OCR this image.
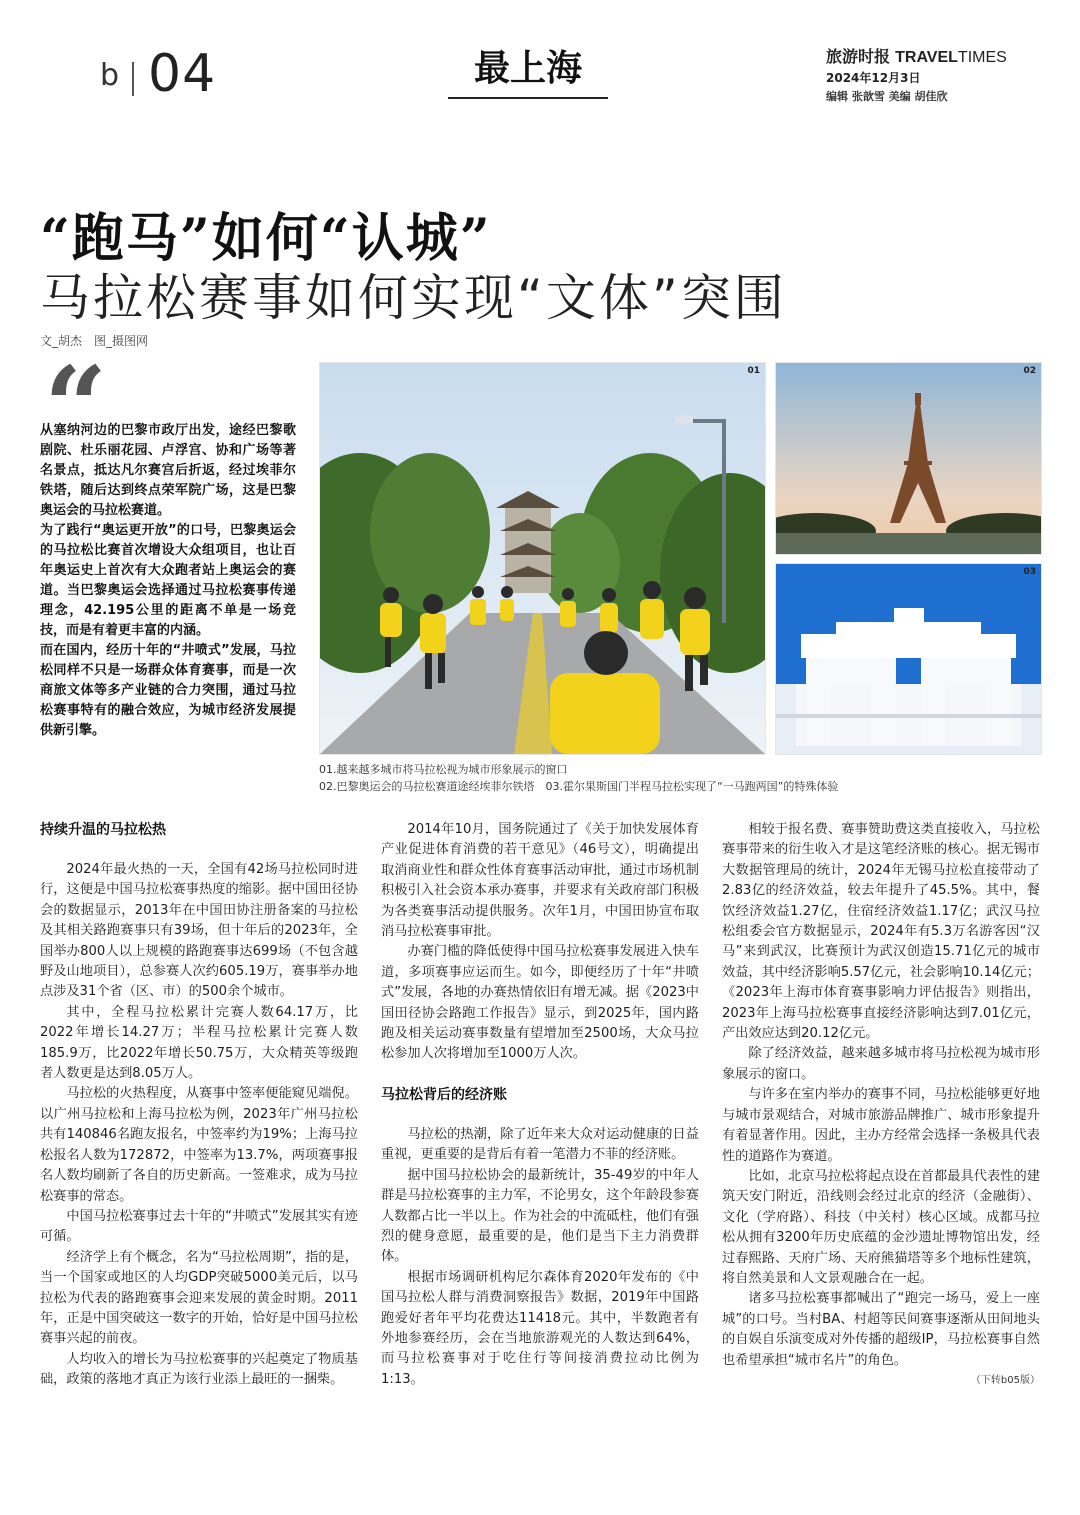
b 04	最上海	旅游时报 TRAVELTIMES
2024年12月3日
编辑 张歆雪 美编 胡佳欣
“跑马”如何“认城”
马拉松赛事如何实现“文体”突围
文_胡杰　图_摄图网
“

从塞纳河边的巴黎市政厅出发，途经巴黎歌剧院、杜乐丽花园、卢浮宫、协和广场等著名景点，抵达凡尔赛宫后折返，经过埃菲尔铁塔，随后达到终点荣军院广场，这是巴黎奥运会的马拉松赛道。

为了践行“奥运更开放”的口号，巴黎奥运会的马拉松比赛首次增设大众组项目，也让百年奥运史上首次有大众跑者站上奥运会的赛道。当巴黎奥运会选择通过马拉松赛事传递理念，42.195公里的距离不单是一场竞技，而是有着更丰富的内涵。

而在国内，经历十年的“井喷式”发展，马拉松同样不只是一场群众体育赛事，而是一次商旅文体等多产业链的合力突围，通过马拉松赛事特有的融合效应，为城市经济发展提供新引擎。

01	02
03
01.越来越多城市将马拉松视为城市形象展示的窗口
02.巴黎奥运会的马拉松赛道途经埃菲尔铁塔　03.霍尔果斯国门半程马拉松实现了“一马跑两国”的特殊体验
持续升温的马拉松热

2024年最火热的一天，全国有42场马拉松同时进行，这便是中国马拉松赛事热度的缩影。据中国田径协会的数据显示，2013年在中国田协注册备案的马拉松及其相关路跑赛事只有39场，但十年后的2023年，全国举办800人以上规模的路跑赛事达699场（不包含越野及山地项目），总参赛人次约605.19万，赛事举办地点涉及31个省（区、市）的500余个城市。

其中，全程马拉松累计完赛人数64.17万，比2022年增长14.27万；半程马拉松累计完赛人数185.9万，比2022年增长50.75万，大众精英等级跑者人数更是达到8.05万人。

马拉松的火热程度，从赛事中签率便能窥见端倪。以广州马拉松和上海马拉松为例，2023年广州马拉松共有140846名跑友报名，中签率约为19%；上海马拉松报名人数为172872，中签率为13.7%，两项赛事报名人数均刷新了各自的历史新高。一签难求，成为马拉松赛事的常态。

中国马拉松赛事过去十年的“井喷式”发展其实有迹可循。

经济学上有个概念，名为“马拉松周期”，指的是，当一个国家或地区的人均GDP突破5000美元后，以马拉松为代表的路跑赛事会迎来发展的黄金时期。2011年，正是中国突破这一数字的开始，恰好是中国马拉松赛事兴起的前夜。

人均收入的增长为马拉松赛事的兴起奠定了物质基础，政策的落地才真正为该行业添上最旺的一捆柴。

2014年10月，国务院通过了《关于加快发展体育产业促进体育消费的若干意见》（46号文），明确提出取消商业性和群众性体育赛事活动审批，通过市场机制积极引入社会资本承办赛事，并要求有关政府部门积极为各类赛事活动提供服务。次年1月，中国田协宣布取消马拉松赛事审批。

办赛门槛的降低使得中国马拉松赛事发展进入快车道，多项赛事应运而生。如今，即便经历了十年“井喷式”发展，各地的办赛热情依旧有增无减。据《2023中国田径协会路跑工作报告》显示，到2025年，国内路跑及相关运动赛事数量有望增加至2500场，大众马拉松参加人次将增加至1000万人次。

马拉松背后的经济账

马拉松的热潮，除了近年来大众对运动健康的日益重视，更重要的是背后有着一笔潜力不菲的经济账。

据中国马拉松协会的最新统计，35-49岁的中年人群是马拉松赛事的主力军，不论男女，这个年龄段参赛人数都占比一半以上。作为社会的中流砥柱，他们有强烈的健身意愿，最重要的是，他们是当下主力消费群体。

根据市场调研机构尼尔森体育2020年发布的《中国马拉松人群与消费洞察报告》数据，2019年中国路跑爱好者年平均花费达11418元。其中，半数跑者有外地参赛经历，会在当地旅游观光的人数达到64%，而马拉松赛事对于吃住行等间接消费拉动比例为1:13。

相较于报名费、赛事赞助费这类直接收入，马拉松赛事带来的衍生收入才是这笔经济账的核心。据无锡市大数据管理局的统计，2024年无锡马拉松直接带动了2.83亿的经济效益，较去年提升了45.5%。其中，餐饮经济效益1.27亿，住宿经济效益1.17亿；武汉马拉松组委会官方数据显示，2024年有5.3万名游客因“汉马”来到武汉，比赛预计为武汉创造15.71亿元的城市效益，其中经济影响5.57亿元，社会影响10.14亿元；《2023年上海市体育赛事影响力评估报告》则指出，2023年上海马拉松赛事直接经济影响达到7.01亿元，产出效应达到20.12亿元。

除了经济效益，越来越多城市将马拉松视为城市形象展示的窗口。

与许多在室内举办的赛事不同，马拉松能够更好地与城市景观结合，对城市旅游品牌推广、城市形象提升有着显著作用。因此，主办方经常会选择一条极具代表性的道路作为赛道。

比如，北京马拉松将起点设在首都最具代表性的建筑天安门附近，沿线则会经过北京的经济（金融街）、文化（学府路）、科技（中关村）核心区域。成都马拉松从拥有3200年历史底蕴的金沙遗址博物馆出发，经过春熙路、天府广场、天府熊猫塔等多个地标性建筑，将自然美景和人文景观融合在一起。

诸多马拉松赛事都喊出了“跑完一场马，爱上一座城”的口号。当村BA、村超等民间赛事逐渐从田间地头的自娱自乐演变成对外传播的超级IP，马拉松赛事自然也希望承担“城市名片”的角色。

（下转b05版）
